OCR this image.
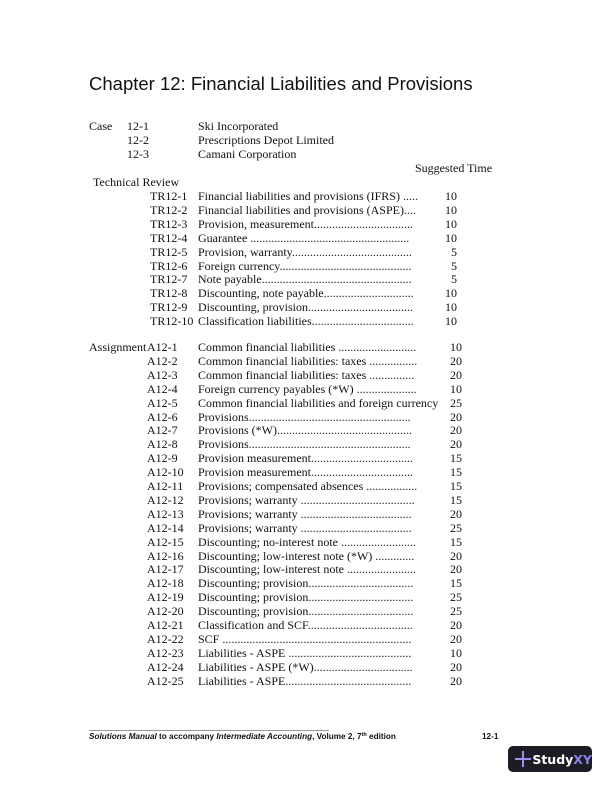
Chapter 12: Financial Liabilities and Provisions
Case 12-1	Ski Incorporated
12-2	Prescriptions Depot Limited
12-3	Camani Corporation
Suggested Time
Technical Review
TR12-1 Financial liabilities and provisions (IFRS) .....	10
TR12-2 Financial liabilities and provisions (ASPE)....	10
TR12-3 Provision, measurement.................................	10
TR12-4 Guarantee .....................................................	10
TR12-5 Provision, warranty........................................	5
TR12-6 Foreign currency............................................	5
TR12-7 Note payable..................................................	5
TR12-8 Discounting, note payable..............................	10
TR12-9 Discounting, provision...................................	10
TR12-10 Classification liabilities..................................	10
Assignment A12-1 Common financial liabilities ..........................	10
A12-2 Common financial liabilities: taxes ................	20
A12-3 Common financial liabilities: taxes ...............	20
A12-4 Foreign currency payables (*W) ....................	10
A12-5 Common financial liabilities and foreign currency 25
A12-6 Provisions......................................................	20
A12-7 Provisions (*W).............................................	20
A12-8 Provisions......................................................	20
A12-9 Provision measurement..................................	15
A12-10 Provision measurement..................................	15
A12-11 Provisions; compensated absences .................	15
A12-12 Provisions; warranty ......................................	15
A12-13 Provisions; warranty .....................................	20
A12-14 Provisions; warranty .....................................	25
A12-15 Discounting; no-interest note .........................	15
A12-16 Discounting; low-interest note (*W) .............	20
A12-17 Discounting; low-interest note .......................	20
A12-18 Discounting; provision...................................	15
A12-19 Discounting; provision...................................	25
A12-20 Discounting; provision...................................	25
A12-21 Classification and SCF...................................	20
A12-22 SCF ...............................................................	20
A12-23 Liabilities - ASPE .........................................	10
A12-24 Liabilities - ASPE (*W).................................	20
A12-25 Liabilities - ASPE..........................................	20
Solutions Manual to accompany Intermediate Accounting, Volume 2, 7th edition	12-1
StudyXY
